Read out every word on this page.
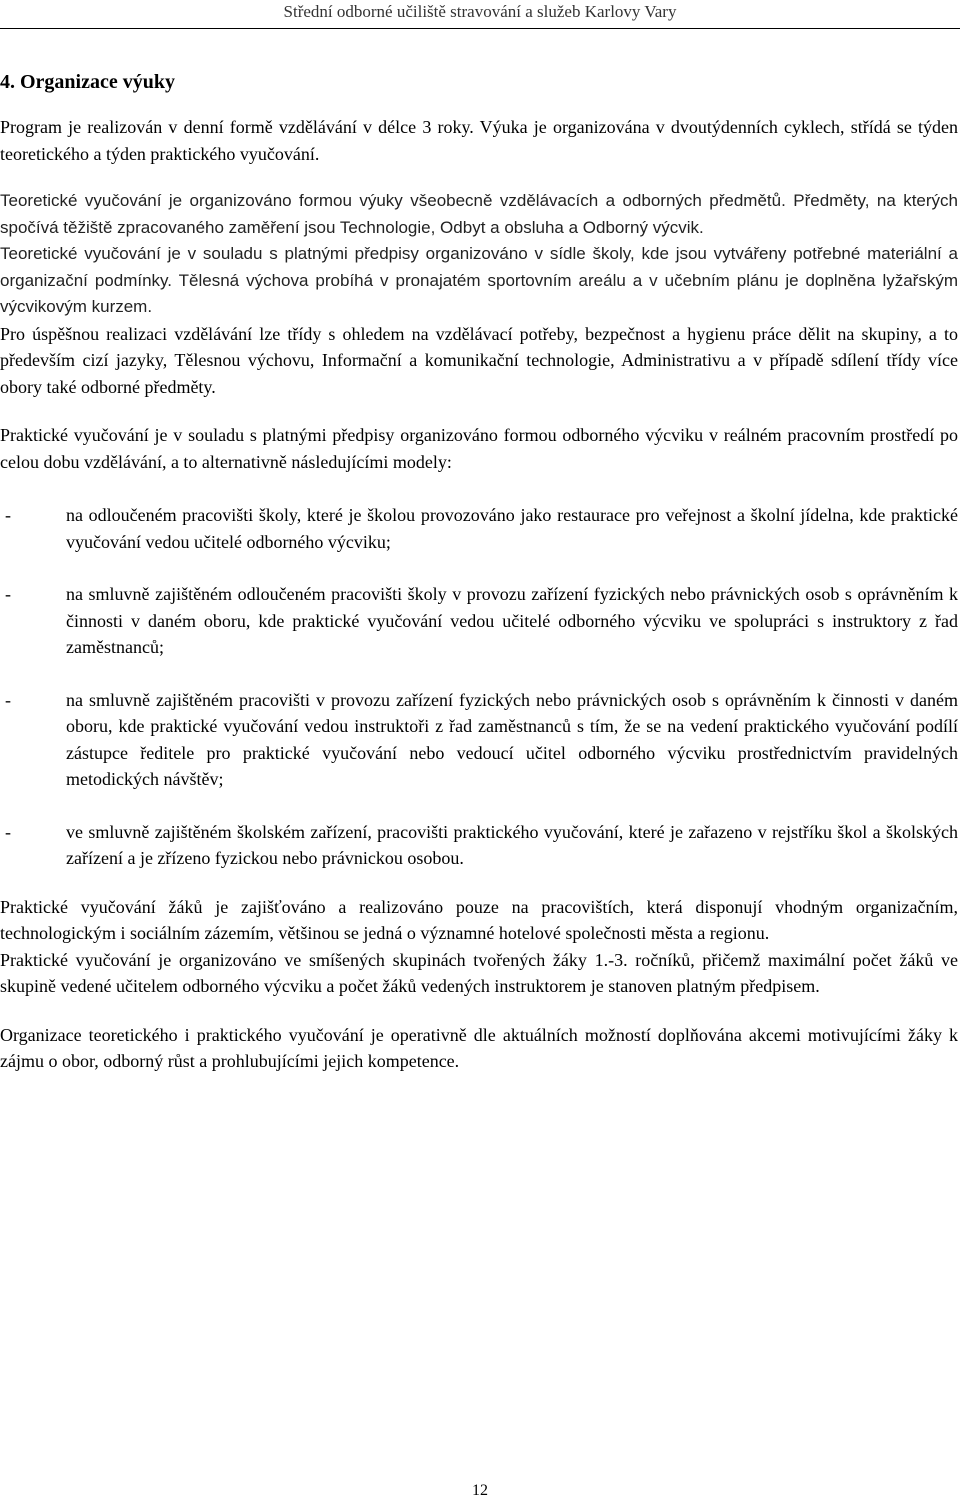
Střední odborné učiliště stravování a služeb Karlovy Vary
4. Organizace výuky

Program je realizován v denní formě vzdělávání v délce 3 roky. Výuka je organizována v dvoutýdenních cyklech, střídá se týden teoretického a týden praktického vyučování.

Teoretické vyučování je organizováno formou výuky všeobecně vzdělávacích a odborných předmětů. Předměty, na kterých spočívá těžiště zpracovaného zaměření jsou Technologie, Odbyt a obsluha a Odborný výcvik.

Teoretické vyučování je v souladu s platnými předpisy organizováno v sídle školy, kde jsou vytvářeny potřebné materiální a organizační podmínky. Tělesná výchova probíhá v pronajatém sportovním areálu a v učebním plánu je doplněna lyžařským výcvikovým kurzem.

Pro úspěšnou realizaci vzdělávání lze třídy s ohledem na vzdělávací potřeby, bezpečnost a hygienu práce dělit na skupiny, a to především cizí jazyky, Tělesnou výchovu, Informační a komunikační technologie, Administrativu a v případě sdílení třídy více obory také odborné předměty.

Praktické vyučování je v souladu s platnými předpisy organizováno formou odborného výcviku v reálném pracovním prostředí po celou dobu vzdělávání, a to alternativně následujícími modely:

-	na odloučeném pracovišti školy, které je školou provozováno jako restaurace pro veřejnost a školní jídelna, kde praktické vyučování vedou učitelé odborného výcviku;
-	na smluvně zajištěném odloučeném pracovišti školy v provozu zařízení fyzických nebo právnických osob s oprávněním k činnosti v daném oboru, kde praktické vyučování vedou učitelé odborného výcviku ve spolupráci s instruktory z řad zaměstnanců;
-	na smluvně zajištěném pracovišti v provozu zařízení fyzických nebo právnických osob s oprávněním k činnosti v daném oboru, kde praktické vyučování vedou instruktoři z řad zaměstnanců s tím, že se na vedení praktického vyučování podílí zástupce ředitele pro praktické vyučování nebo vedoucí učitel odborného výcviku prostřednictvím pravidelných metodických návštěv;
-	ve smluvně zajištěném školském zařízení, pracovišti praktického vyučování, které je zařazeno v rejstříku škol a školských zařízení a je zřízeno fyzickou nebo právnickou osobou.

Praktické vyučování žáků je zajišťováno a realizováno pouze na pracovištích, která disponují vhodným organizačním, technologickým i sociálním zázemím, většinou se jedná o významné hotelové společnosti města a regionu.

Praktické vyučování je organizováno ve smíšených skupinách tvořených žáky 1.-3. ročníků, přičemž maximální počet žáků ve skupině vedené učitelem odborného výcviku a počet žáků vedených instruktorem je stanoven platným předpisem.

Organizace teoretického i praktického vyučování je operativně dle aktuálních možností doplňována akcemi motivujícími žáky k zájmu o obor, odborný růst a prohlubujícími jejich kompetence.

12
